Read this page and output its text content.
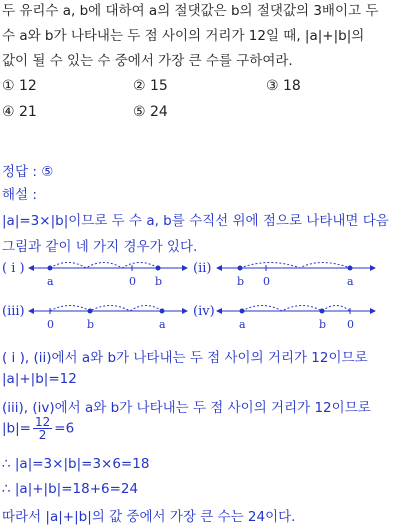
두 유리수 a, b에 대하여 a의 절댓값은 b의 절댓값의 3배이고 두
수 a와 b가 나타내는 두 점 사이의 거리가 12일 때, |a|+|b|의
값이 될 수 있는 수 중에서 가장 큰 수를 구하여라.
① 12	② 15	③ 18
④ 21	⑤ 24
정답 : ⑤
해설 :
|a|=3×|b|이므로 두 수 a, b를 수직선 위에 점으로 나타내면 다음
그림과 같이 네 가지 경우가 있다.
( i )
a	0 b
(ii)
b 0	a
(iii)
0	b	a
(iv)
a	b 0
( i ), (ii)에서 a와 b가 나타내는 두 점 사이의 거리가 12이므로
|a|+|b|=12
(iii), (iv)에서 a와 b가 나타내는 두 점 사이의 거리가 12이므로
$|b|= \frac{12}{2} =6$
∴ |a|=3×|b|=3×6=18
∴ |a|+|b|=18+6=24
따라서 |a|+|b|의 값 중에서 가장 큰 수는 24이다.
